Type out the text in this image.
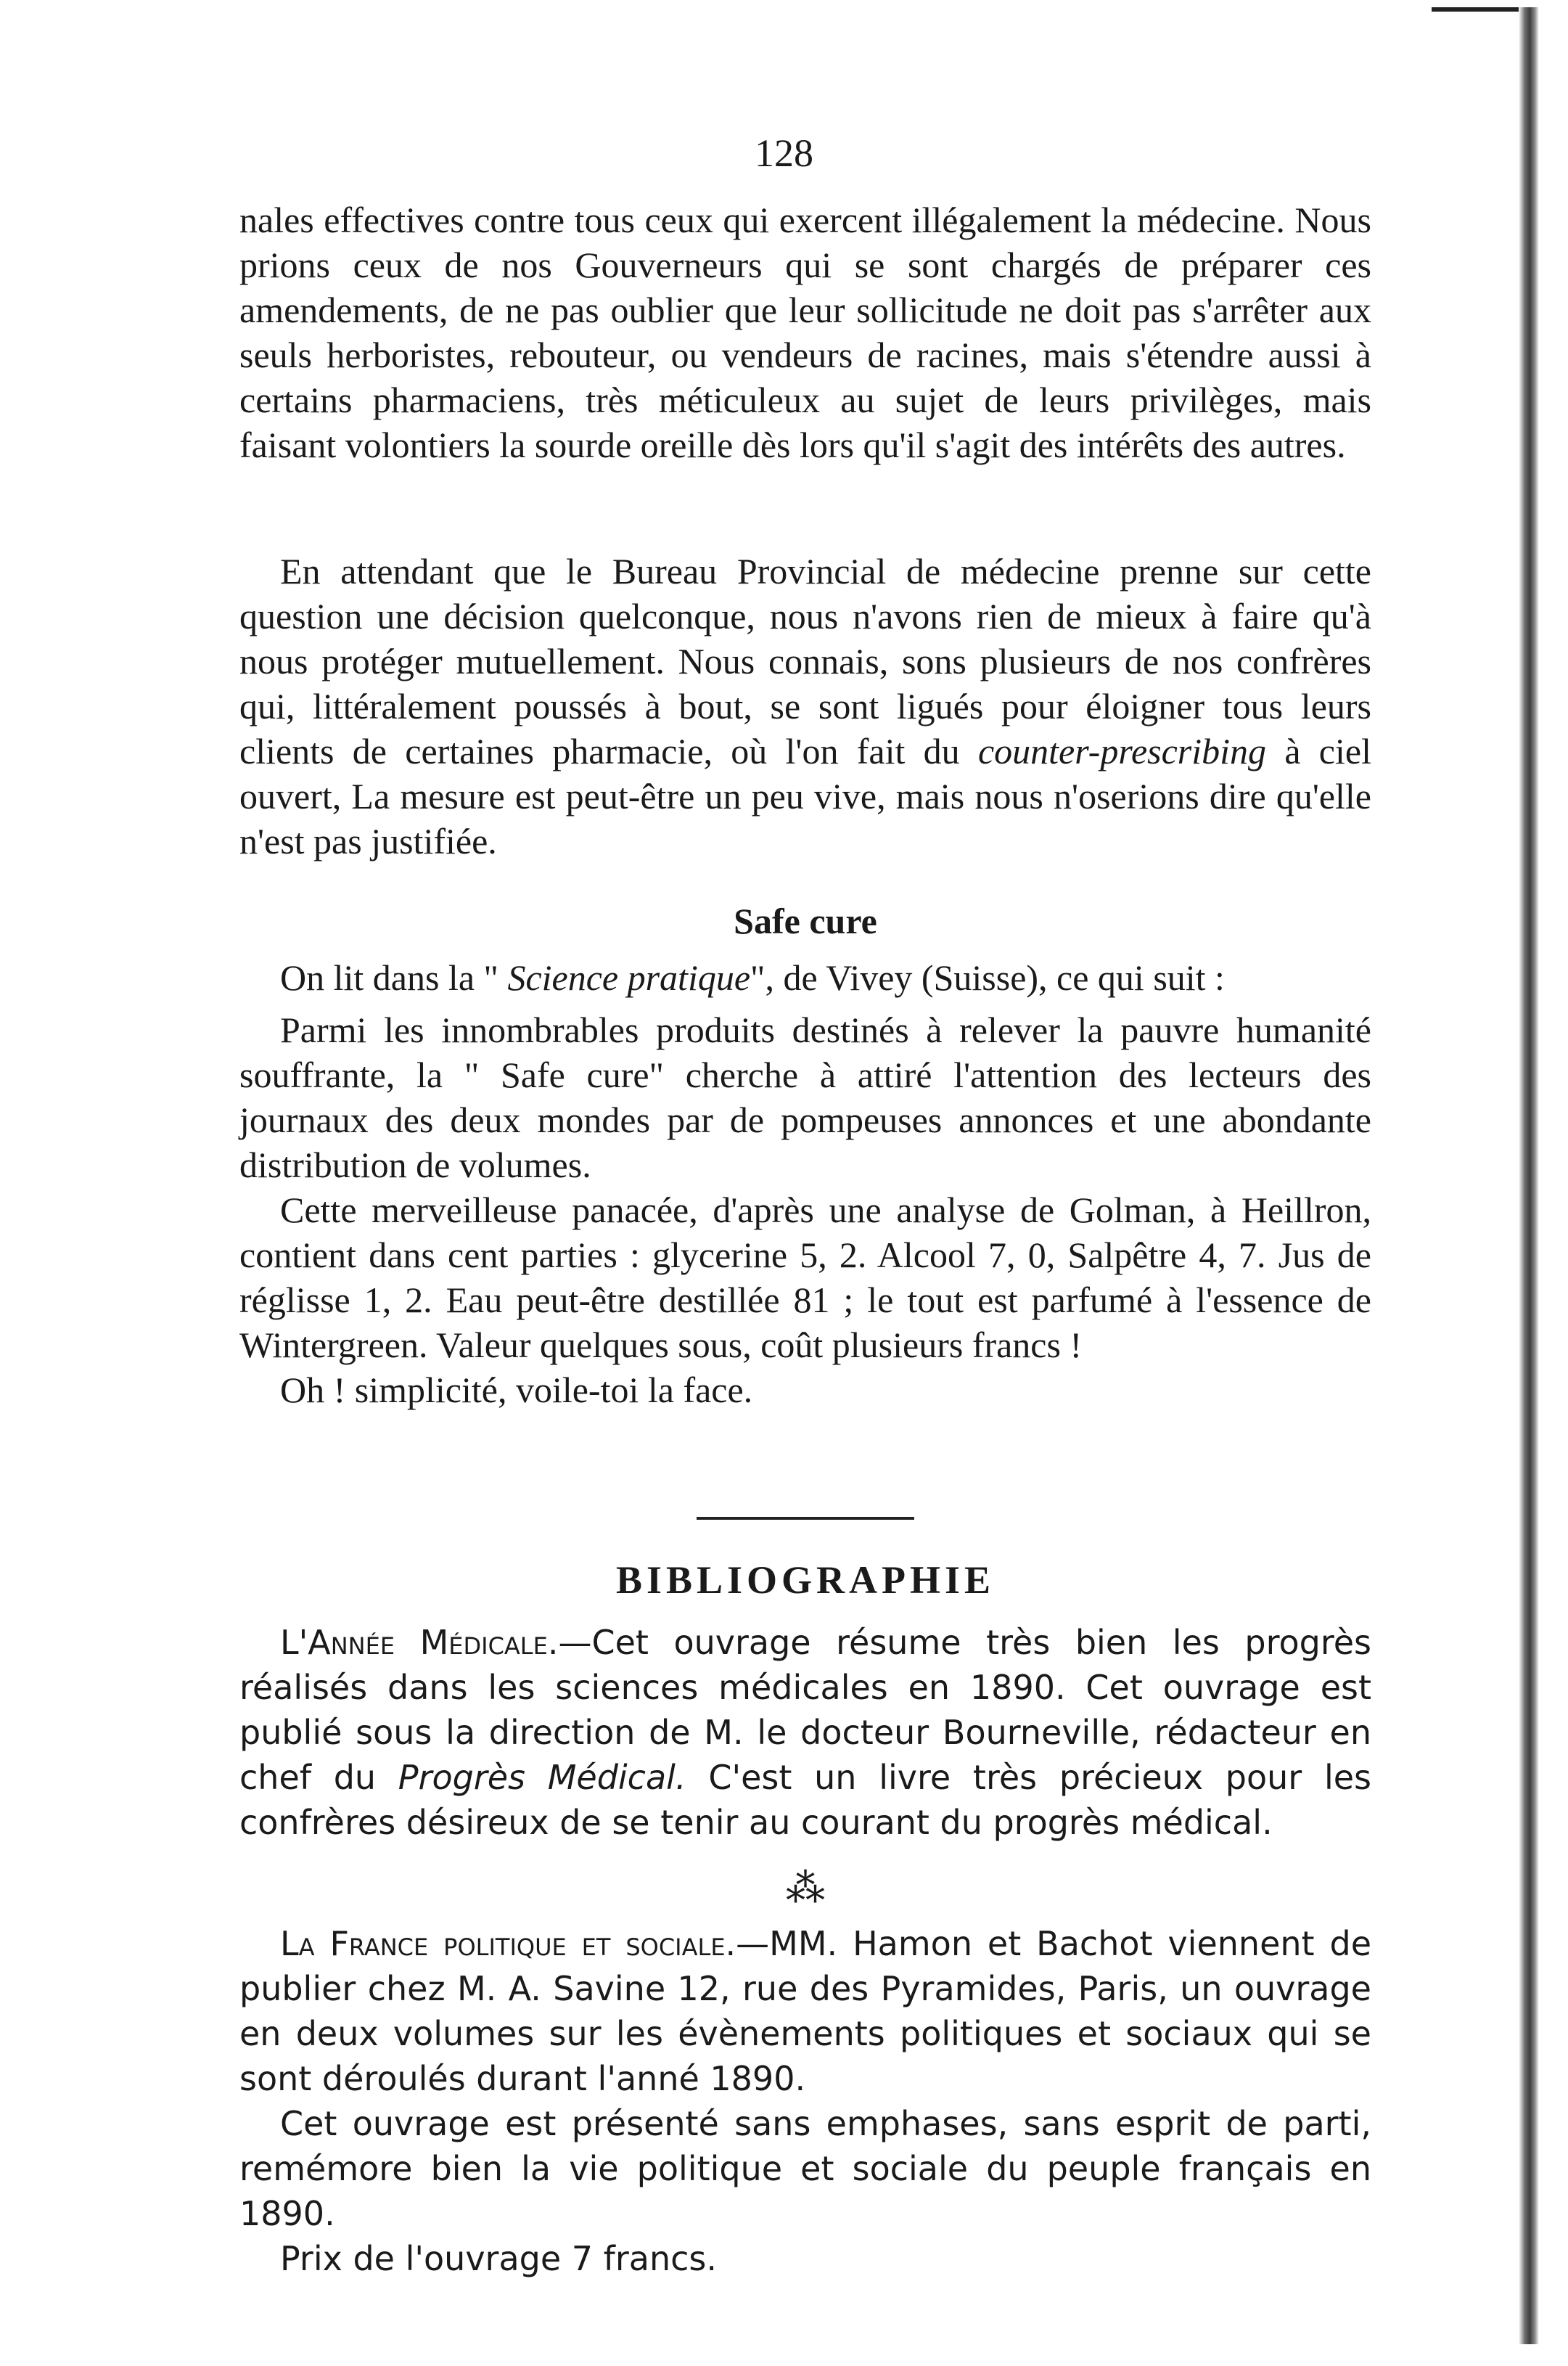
128

nales effectives contre tous ceux qui exercent illégalement la médecine. Nous prions ceux de nos Gouverneurs qui se sont chargés de préparer ces amendements, de ne pas oublier que leur sollicitude ne doit pas s'arrêter aux seuls herboristes, rebouteur, ou vendeurs de racines, mais s'étendre aussi à certains pharmaciens, très méticuleux au sujet de leurs privilèges, mais faisant volontiers la sourde oreille dès lors qu'il s'agit des intérêts des autres.

En attendant que le Bureau Provincial de médecine prenne sur cette question une décision quelconque, nous n'avons rien de mieux à faire qu'à nous protéger mutuellement. Nous connais, sons plusieurs de nos confrères qui, littéralement poussés à bout, se sont ligués pour éloigner tous leurs clients de certaines pharmacie, où l'on fait du counter-prescribing à ciel ouvert, La mesure est peut-être un peu vive, mais nous n'oserions dire qu'elle n'est pas justifiée.

Safe cure

On lit dans la " Science pratique", de Vivey (Suisse), ce qui suit :

Parmi les innombrables produits destinés à relever la pauvre humanité souffrante, la " Safe cure" cherche à attiré l'attention des lecteurs des journaux des deux mondes par de pompeuses annonces et une abondante distribution de volumes.

Cette merveilleuse panacée, d'après une analyse de Golman, à Heillron, contient dans cent parties : glycerine 5, 2. Alcool 7, 0, Salpêtre 4, 7. Jus de réglisse 1, 2. Eau peut-être destillée 81 ; le tout est parfumé à l'essence de Wintergreen. Valeur quelques sous, coût plusieurs francs !

Oh ! simplicité, voile-toi la face.

BIBLIOGRAPHIE

L'Année Médicale.—Cet ouvrage résume très bien les progrès réalisés dans les sciences médicales en 1890. Cet ouvrage est publié sous la direction de M. le docteur Bourneville, rédacteur en chef du Progrès Médical. C'est un livre très précieux pour les confrères désireux de se tenir au courant du progrès médical.

⁂

La France politique et sociale.—MM. Hamon et Bachot viennent de publier chez M. A. Savine 12, rue des Pyramides, Paris, un ouvrage en deux volumes sur les évènements politiques et sociaux qui se sont déroulés durant l'anné 1890.

Cet ouvrage est présenté sans emphases, sans esprit de parti, remémore bien la vie politique et sociale du peuple français en 1890.

Prix de l'ouvrage 7 francs.
